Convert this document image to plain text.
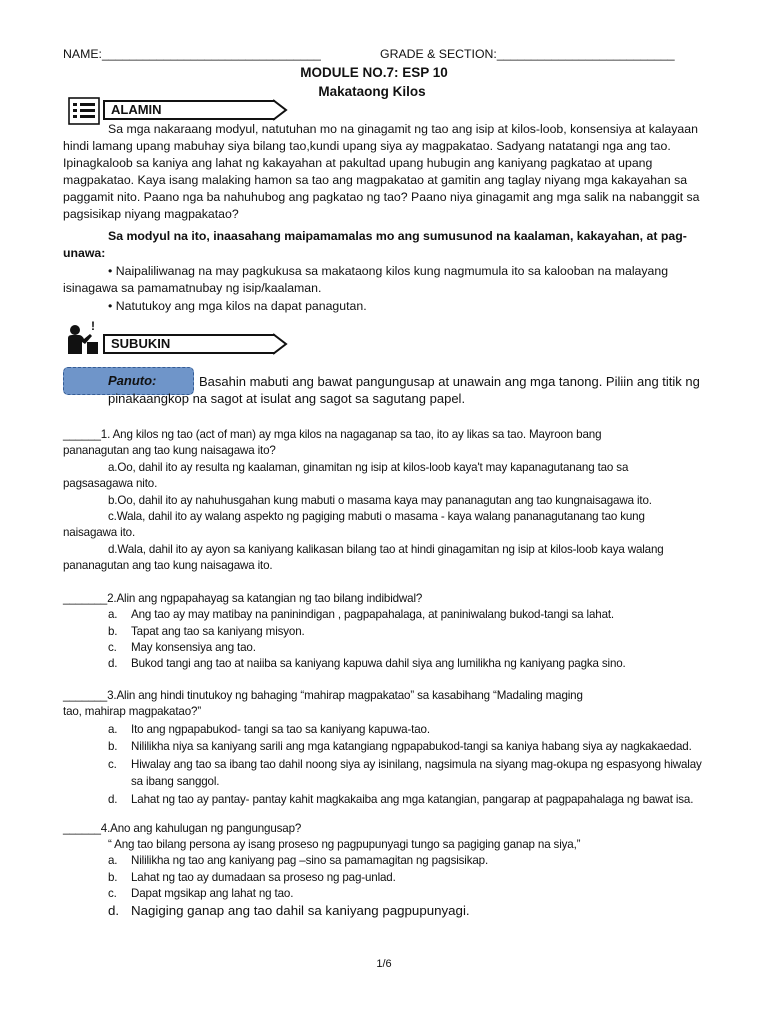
NAME:________________________________	GRADE & SECTION:__________________________
MODULE NO.7: ESP 10
Makataong Kilos
ALAMIN
Sa mga nakaraang modyul, natutuhan mo na ginagamit ng tao ang isip at kilos-loob, konsensiya at kalayaan
hindi lamang upang mabuhay siya bilang tao,kundi upang siya ay magpakatao. Sadyang natatangi nga ang tao.
Ipinagkaloob sa kaniya ang lahat ng kakayahan at pakultad upang hubugin ang kaniyang pagkatao at upang
magpakatao. Kaya isang malaking hamon sa tao ang magpakatao at gamitin ang taglay niyang mga kakayahan sa
paggamit nito. Paano nga ba nahuhubog ang pagkatao ng tao? Paano niya ginagamit ang mga salik na nabanggit sa
pagsisikap niyang magpakatao?
Sa modyul na ito, inaasahang maipamamalas mo ang sumusunod na kaalaman, kakayahan, at pag-
unawa:
• Naipaliliwanag na may pagkukusa sa makataong kilos kung nagmumula ito sa kalooban na malayang
isinagawa sa pamamatnubay ng isip/kaalaman.
• Natutukoy ang mga kilos na dapat panagutan.
!
SUBUKIN
Panuto:	Basahin mabuti ang bawat pangungusap at unawain ang mga tanong. Piliin ang titik ng
pinakaangkop na sagot at isulat ang sagot sa sagutang papel.
______1. Ang kilos ng tao (act of man) ay mga kilos na nagaganap sa tao, ito ay likas sa tao. Mayroon bang
pananagutan ang tao kung naisagawa ito?
a.Oo, dahil ito ay resulta ng kaalaman, ginamitan ng isip at kilos-loob kaya't may kapanagutanang tao sa
pagsasagawa nito.
b.Oo, dahil ito ay nahuhusgahan kung mabuti o masama kaya may pananagutan ang tao kungnaisagawa ito.
c.Wala, dahil ito ay walang aspekto ng pagiging mabuti o masama - kaya walang pananagutanang tao kung
naisagawa ito.
d.Wala, dahil ito ay ayon sa kaniyang kalikasan bilang tao at hindi ginagamitan ng isip at kilos-loob kaya walang
pananagutan ang tao kung naisagawa ito.
_______2.Alin ang ngpapahayag sa katangian ng tao bilang indibidwal?
a. Ang tao ay may matibay na paninindigan , pagpapahalaga, at paniniwalang bukod-tangi sa lahat.
b. Tapat ang tao sa kaniyang misyon.
c. May konsensiya ang tao.
d. Bukod tangi ang tao at naiiba sa kaniyang kapuwa dahil siya ang lumilikha ng kaniyang pagka sino.
_______3.Alin ang hindi tinutukoy ng bahaging “mahirap magpakatao” sa kasabihang “Madaling maging
tao, mahirap magpakatao?”
a. Ito ang ngpapabukod- tangi sa tao sa kaniyang kapuwa-tao.
b. Nililikha niya sa kaniyang sarili ang mga katangiang ngpapabukod-tangi sa kaniya habang siya ay nagkakaedad.
c. Hiwalay ang tao sa ibang tao dahil noong siya ay isinilang, nagsimula na siyang mag-okupa ng espasyong hiwalay
sa ibang sanggol.
d. Lahat ng tao ay pantay- pantay kahit magkakaiba ang mga katangian, pangarap at pagpapahalaga ng bawat isa.
______4.Ano ang kahulugan ng pangungusap?
“ Ang tao bilang persona ay isang proseso ng pagpupunyagi tungo sa pagiging ganap na siya,”
a. Nililikha ng tao ang kaniyang pag –sino sa pamamagitan ng pagsisikap.
b. Lahat ng tao ay dumadaan sa proseso ng pag-unlad.
c. Dapat mgsikap ang lahat ng tao.
d. Nagiging ganap ang tao dahil sa kaniyang pagpupunyagi.
1/6
